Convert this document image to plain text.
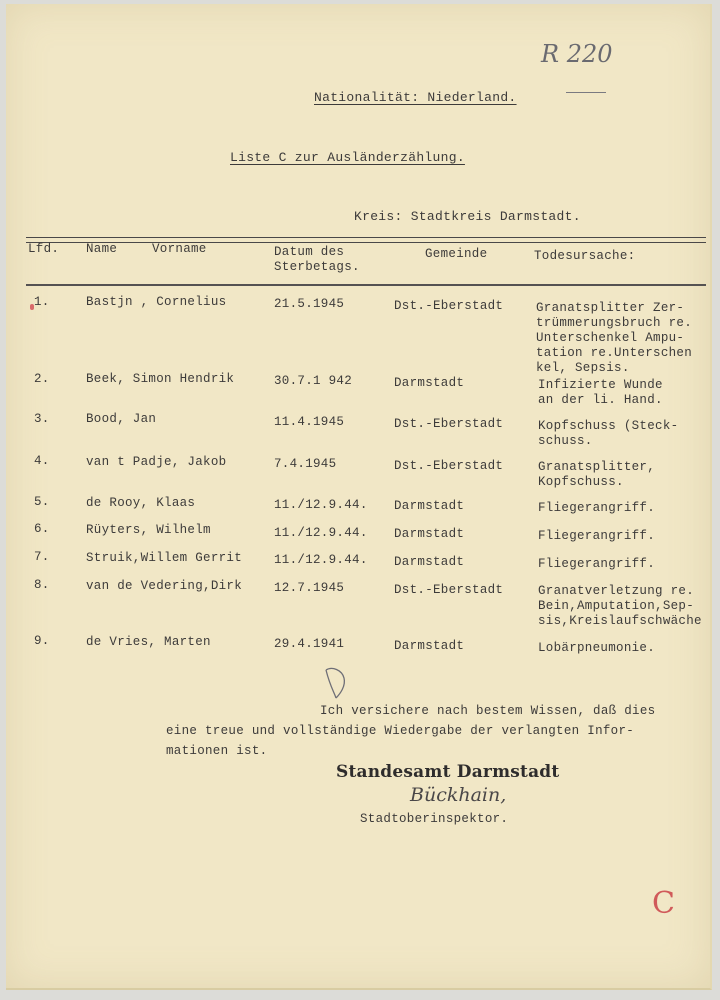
R 220
Nationalität: Niederland.
Liste C zur Ausländerzählung.
Kreis: Stadtkreis Darmstadt.
Lfd. Name	Vorname	Datum des
Sterbetags.
Gemeinde	Todesursache:
1.	Bastjn , Cornelius	21.5.1945	Dst.-Eberstadt	Granatsplitter Zer-
trümmerungsbruch re.
Unterschenkel Ampu-
tation re.Unterschen
kel, Sepsis.
2.	Beek, Simon Hendrik	30.7.1 942	Darmstadt	Infizierte Wunde
an der li. Hand.
3.	Bood, Jan	11.4.1945	Dst.-Eberstadt	Kopfschuss (Steck-
schuss.
4.	van t Padje, Jakob	7.4.1945	Dst.-Eberstadt	Granatsplitter,
Kopfschuss.
5.	de Rooy, Klaas	11./12.9.44. Darmstadt	Fliegerangriff.
6.	Rüyters, Wilhelm	11./12.9.44. Darmstadt	Fliegerangriff.
7.	Struik,Willem Gerrit	11./12.9.44. Darmstadt	Fliegerangriff.
8.	van de Vedering,Dirk	12.7.1945	Dst.-Eberstadt	Granatverletzung re.
Bein,Amputation,Sep-
sis,Kreislaufschwäche
9.	de Vries, Marten	29.4.1941	Darmstadt	Lobärpneumonie.
Ich versichere nach bestem Wissen, daß dies
eine treue und vollständige Wiedergabe der verlangten Infor-
mationen ist.
Standesamt Darmstadt
Bückhain,
Stadtoberinspektor.
C
